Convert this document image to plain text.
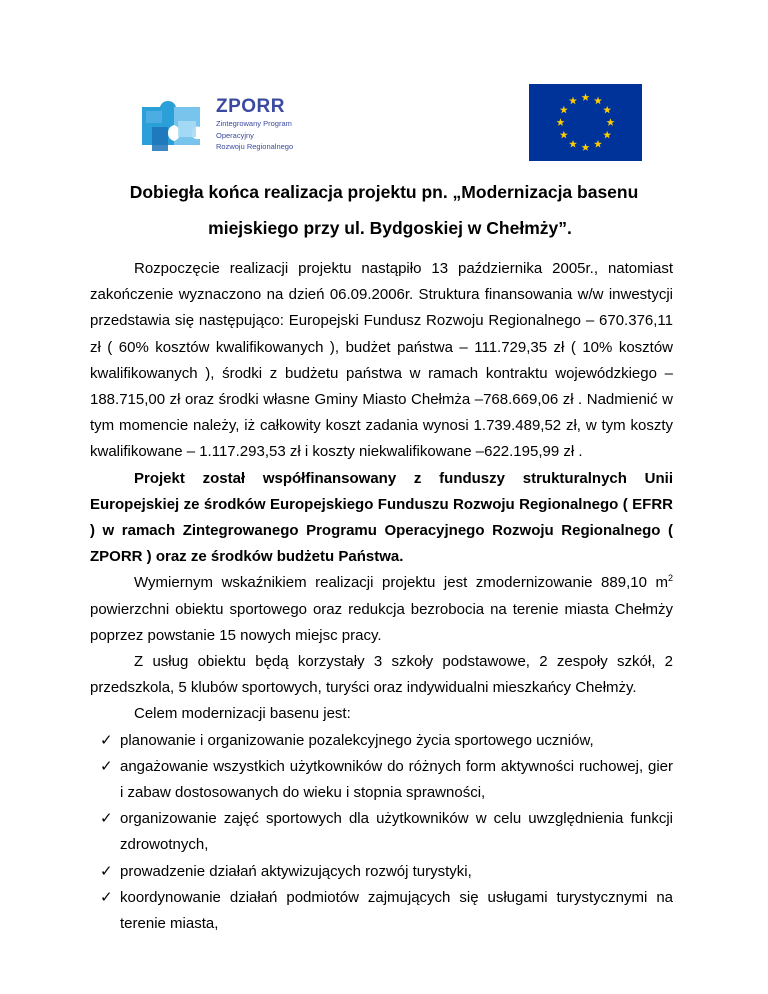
ZPORR
Zintegrowany Program
Operacyjny
Rozwoju Regionalnego
Dobiegła końca realizacja projektu pn. „Modernizacja basenu
miejskiego przy ul. Bydgoskiej w Chełmży”.

Rozpoczęcie realizacji projektu nastąpiło 13 października 2005r., natomiast zakończenie wyznaczono na dzień 06.09.2006r. Struktura finansowania w/w inwestycji przedstawia się następująco: Europejski Fundusz Rozwoju Regionalnego – 670.376,11 zł ( 60% kosztów kwalifikowanych ), budżet państwa – 111.729,35 zł ( 10% kosztów kwalifikowanych ), środki z budżetu państwa w ramach kontraktu wojewódzkiego –188.715,00 zł oraz środki własne Gminy Miasto Chełmża –768.669,06 zł . Nadmienić w tym momencie należy, iż całkowity koszt zadania wynosi 1.739.489,52 zł, w tym koszty kwalifikowane – 1.117.293,53 zł i koszty niekwalifikowane –622.195,99 zł .

Projekt został współfinansowany z funduszy strukturalnych Unii Europejskiej ze środków Europejskiego Funduszu Rozwoju Regionalnego ( EFRR ) w ramach Zintegrowanego Programu Operacyjnego Rozwoju Regionalnego ( ZPORR ) oraz ze środków budżetu Państwa.

Wymiernym wskaźnikiem realizacji projektu jest zmodernizowanie 889,10 $m^2$ powierzchni obiektu sportowego oraz redukcja bezrobocia na terenie miasta Chełmży poprzez powstanie 15 nowych miejsc pracy.

Z usług obiektu będą korzystały 3 szkoły podstawowe, 2 zespoły szkół, 2 przedszkola, 5 klubów sportowych, turyści oraz indywidualni mieszkańcy Chełmży.

Celem modernizacji basenu jest:

✓ planowanie i organizowanie pozalekcyjnego życia sportowego uczniów,
✓ angażowanie wszystkich użytkowników do różnych form aktywności ruchowej, gier i zabaw dostosowanych do wieku i stopnia sprawności,
✓ organizowanie zajęć sportowych dla użytkowników w celu uwzględnienia funkcji zdrowotnych,
✓ prowadzenie działań aktywizujących rozwój turystyki,
✓ koordynowanie działań podmiotów zajmujących się usługami turystycznymi na terenie miasta,
